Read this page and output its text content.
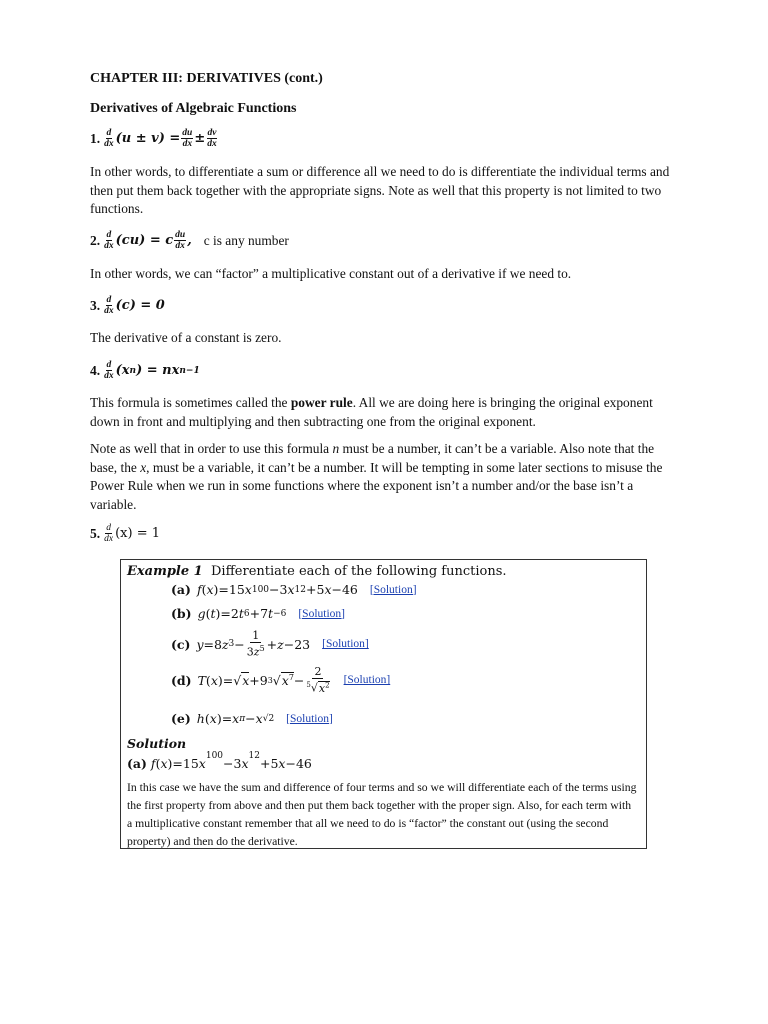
CHAPTER III: DERIVATIVES (cont.)
Derivatives of Algebraic Functions
1. $\frac{d}{dx} (u \pm v) = \frac{du}{dx} \pm \frac{dv}{dx}$

In other words, to differentiate a sum or difference all we need to do is differentiate the individual terms and then put them back together with the appropriate signs. Note as well that this property is not limited to two functions.

2. $\frac{d}{dx} (cu) = c \frac{du}{dx}$ , c is any number

In other words, we can “factor” a multiplicative constant out of a derivative if we need to.

3. $\frac{d}{dx} (c) = 0$

The derivative of a constant is zero.

4. $\frac{d}{dx} (x$ n ) = nx n−1

This formula is sometimes called the power rule. All we are doing here is bringing the original exponent down in front and multiplying and then subtracting one from the original exponent.

Note as well that in order to use this formula n must be a number, it can’t be a variable. Also note that the base, the x, must be a variable, it can’t be a number. It will be tempting in some later sections to misuse the Power Rule when we run in some functions where the exponent isn’t a number and/or the base isn’t a variable.

5. $\frac{d}{dx} (x) = 1$
Example 1 Differentiate each of the following functions.
(a) f ( x )=15 x 100 −3 x 12 +5 x −46 [Solution]
(b) g ( t )=2 t 6 +7 t −6 [Solution]
(c) y =8 z 3 −
1
$3z^5 + z -23$ [Solution]
(d) T ( x )=√ x +9 3 √ $x^7$ −
2
$^5√x^2$ [Solution]
(e) h ( x )= x π − x √2 [Solution]
Solution
(a)
f ( x )=15 x 100 −3 x 12 +5 x −46
In this case we have the sum and difference of four terms and so we will differentiate each of the terms using the first property from above and then put them back together with the proper sign. Also, for each term with a multiplicative constant remember that all we need to do is “factor” the constant out (using the second property) and then do the derivative.
